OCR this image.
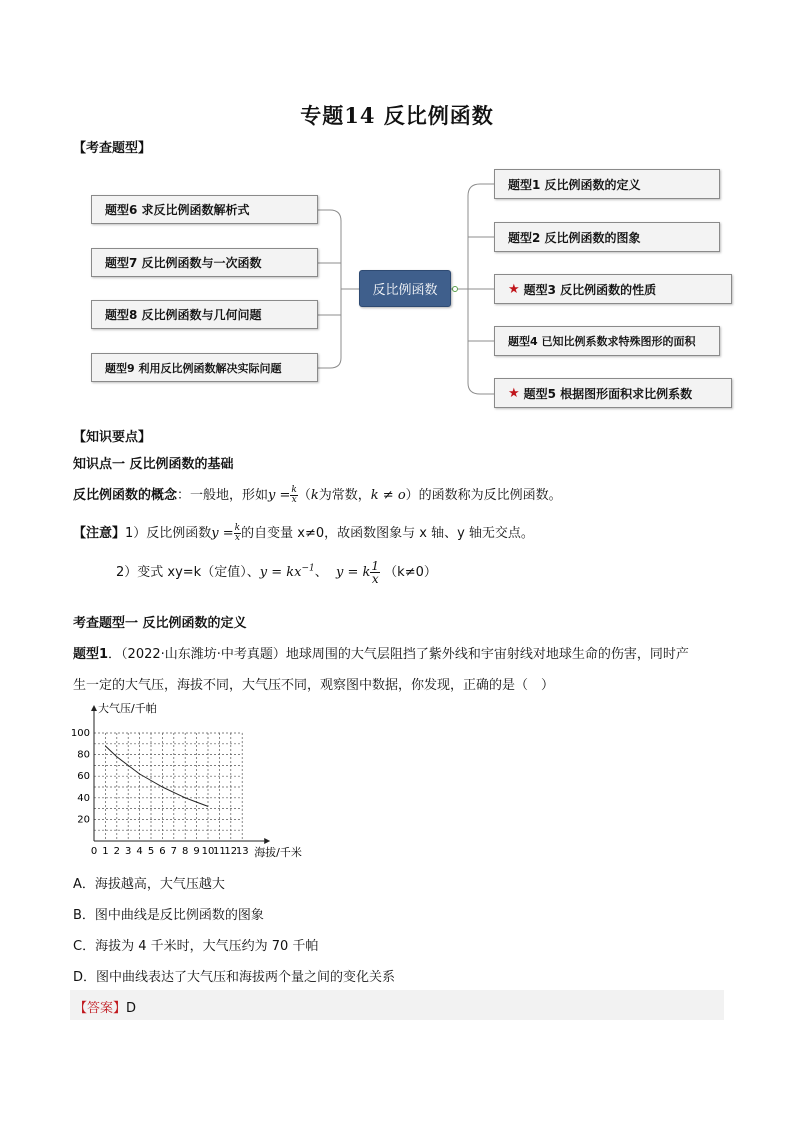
专题14 反比例函数
【考查题型】
题型6 求反比例函数解析式
题型7 反比例函数与一次函数
题型8 反比例函数与几何问题
题型9 利用反比例函数解决实际问题
反比例函数
题型1 反比例函数的定义
题型2 反比例函数的图象
★ 题型3 反比例函数的性质
题型4 已知比例系数求特殊图形的面积
★ 题型5 根据图形面积求比例系数
【知识要点】
知识点一 反比例函数的基础
反比例函数的概念：一般地，形如$y = \frac{k}{x} (k$为常数，k ≠ o）的函数称为反比例函数。
【注意】1）反比例函数$y = \frac{k}{x}$ 的自变量 x≠0，故函数图象与 x 轴、y 轴无交点。
2）变式 xy=k（定值）、$y = kx^{-1}$、 y = k $\frac{1}{x} (k\ne 0)$
考查题型一 反比例函数的定义
题型1．（2022·山东潍坊·中考真题）地球周围的大气层阻挡了紫外线和宇宙射线对地球生命的伤害，同时产
生一定的大气压，海拔不同，大气压不同，观察图中数据，你发现，正确的是（　）
0 1 2 3 4 5 6 7 8 9 10
11
12
13
20
40
60
80
100
大气压/千帕
海拔/千米
A．海拔越高，大气压越大
B．图中曲线是反比例函数的图象
C．海拔为 4 千米时，大气压约为 70 千帕
D．图中曲线表达了大气压和海拔两个量之间的变化关系
【答案】D
